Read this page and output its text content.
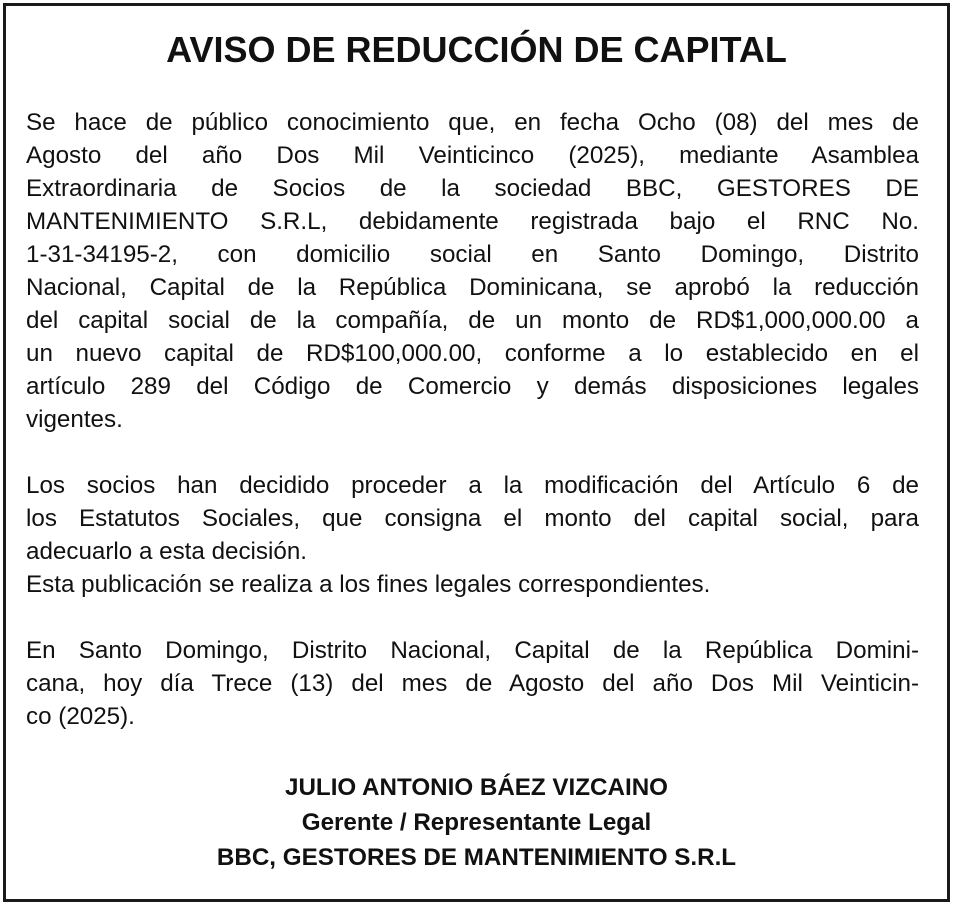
AVISO DE REDUCCIÓN DE CAPITAL
Se hace de público conocimiento que, en fecha Ocho (08) del mes de
Agosto del año Dos Mil Veinticinco (2025), mediante Asamblea
Extraordinaria de Socios de la sociedad BBC, GESTORES DE
MANTENIMIENTO S.R.L, debidamente registrada bajo el RNC No.
1-31-34195-2, con domicilio social en Santo Domingo, Distrito
Nacional, Capital de la República Dominicana, se aprobó la reducción
del capital social de la compañía, de un monto de RD$1,000,000.00 a
un nuevo capital de RD$100,000.00, conforme a lo establecido en el
artículo 289 del Código de Comercio y demás disposiciones legales
vigentes.
Los socios han decidido proceder a la modificación del Artículo 6 de
los Estatutos Sociales, que consigna el monto del capital social, para
adecuarlo a esta decisión.
Esta publicación se realiza a los fines legales correspondientes.
En Santo Domingo, Distrito Nacional, Capital de la República Domini-
cana, hoy día Trece (13) del mes de Agosto del año Dos Mil Veinticin-
co (2025).
JULIO ANTONIO BÁEZ VIZCAINO
Gerente / Representante Legal
BBC, GESTORES DE MANTENIMIENTO S.R.L
